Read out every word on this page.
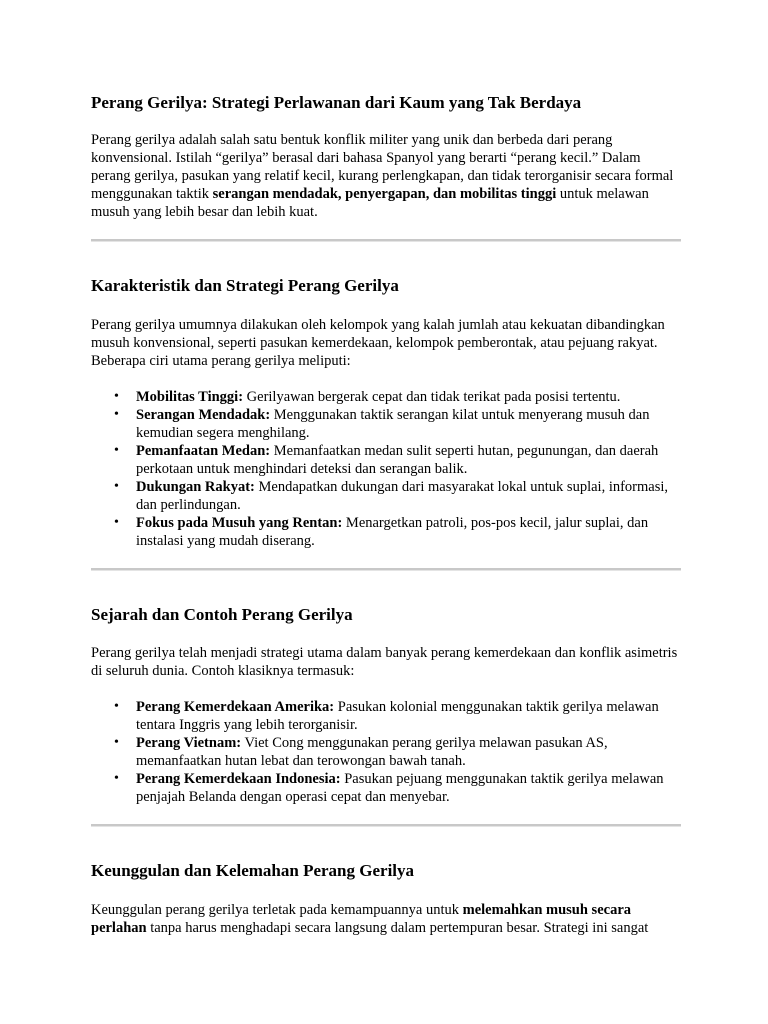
Perang Gerilya: Strategi Perlawanan dari Kaum yang Tak Berdaya

Perang gerilya adalah salah satu bentuk konflik militer yang unik dan berbeda dari perang konvensional. Istilah “gerilya” berasal dari bahasa Spanyol yang berarti “perang kecil.” Dalam perang gerilya, pasukan yang relatif kecil, kurang perlengkapan, dan tidak terorganisir secara formal menggunakan taktik serangan mendadak, penyergapan, dan mobilitas tinggi untuk melawan musuh yang lebih besar dan lebih kuat.

Karakteristik dan Strategi Perang Gerilya

Perang gerilya umumnya dilakukan oleh kelompok yang kalah jumlah atau kekuatan dibandingkan musuh konvensional, seperti pasukan kemerdekaan, kelompok pemberontak, atau pejuang rakyat. Beberapa ciri utama perang gerilya meliputi:

• Mobilitas Tinggi: Gerilyawan bergerak cepat dan tidak terikat pada posisi tertentu.
• Serangan Mendadak: Menggunakan taktik serangan kilat untuk menyerang musuh dan kemudian segera menghilang.
• Pemanfaatan Medan: Memanfaatkan medan sulit seperti hutan, pegunungan, dan daerah perkotaan untuk menghindari deteksi dan serangan balik.
• Dukungan Rakyat: Mendapatkan dukungan dari masyarakat lokal untuk suplai, informasi, dan perlindungan.
• Fokus pada Musuh yang Rentan: Menargetkan patroli, pos-pos kecil, jalur suplai, dan instalasi yang mudah diserang.
Sejarah dan Contoh Perang Gerilya

Perang gerilya telah menjadi strategi utama dalam banyak perang kemerdekaan dan konflik asimetris di seluruh dunia. Contoh klasiknya termasuk:

• Perang Kemerdekaan Amerika: Pasukan kolonial menggunakan taktik gerilya melawan tentara Inggris yang lebih terorganisir.
• Perang Vietnam: Viet Cong menggunakan perang gerilya melawan pasukan AS, memanfaatkan hutan lebat dan terowongan bawah tanah.
• Perang Kemerdekaan Indonesia: Pasukan pejuang menggunakan taktik gerilya melawan penjajah Belanda dengan operasi cepat dan menyebar.
Keunggulan dan Kelemahan Perang Gerilya

Keunggulan perang gerilya terletak pada kemampuannya untuk melemahkan musuh secara perlahan tanpa harus menghadapi secara langsung dalam pertempuran besar. Strategi ini sangat
